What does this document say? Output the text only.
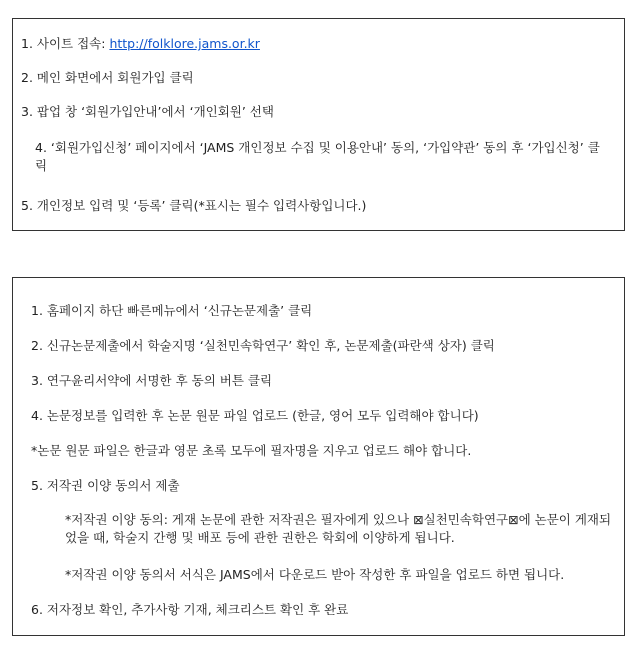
1. 사이트 접속: http://folklore.jams.or.kr
2. 메인 화면에서 회원가입 클릭
3. 팝업 창 ‘회원가입안내’에서 ‘개인회원’ 선택
4. ‘회원가입신청’ 페이지에서 ‘JAMS 개인정보 수집 및 이용안내’ 동의, ‘가입약관’ 동의 후 ‘가입신청’ 클릭
5. 개인정보 입력 및 ‘등록’ 클릭(*표시는 필수 입력사항입니다.)
1. 홈페이지 하단 빠른메뉴에서 ‘신규논문제출’ 클릭
2. 신규논문제출에서 학술지명 ‘실천민속학연구’ 확인 후, 논문제출(파란색 상자) 클릭
3. 연구윤리서약에 서명한 후 동의 버튼 클릭
4. 논문정보를 입력한 후 논문 원문 파일 업로드 (한글, 영어 모두 입력해야 합니다)
*논문 원문 파일은 한글과 영문 초록 모두에 필자명을 지우고 업로드 해야 합니다.
5. 저작권 이양 동의서 제출
*저작권 이양 동의: 게재 논문에 관한 저작권은 필자에게 있으나 ⊠실천민속학연구⊠에 논문이 게재되었을 때, 학술지 간행 및 배포 등에 관한 권한은 학회에 이양하게 됩니다.
*저작권 이양 동의서 서식은 JAMS에서 다운로드 받아 작성한 후 파일을 업로드 하면 됩니다.
6. 저자정보 확인, 추가사항 기재, 체크리스트 확인 후 완료
